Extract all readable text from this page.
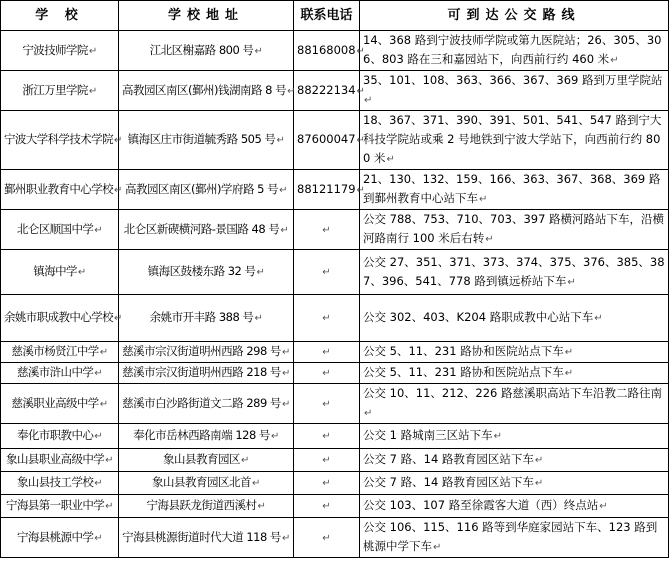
学 校	学校地址	联系电话	可到达公交路线
宁波技师学院↵	江北区榭嘉路 800 号↵	88168008↵	14、368 路到宁波技师学院或第九医院站；26、305、306、803 路在三和嘉园站下，向西前行约 460 米↵
浙江万里学院↵	高教园区南区(鄞州)钱湖南路 8 号↵	88222134↵	35、101、108、363、366、367、369 路到万里学院站↵
宁波大学科学技术学院↵	镇海区庄市街道毓秀路 505 号↵	87600047↵	18、367、371、390、391、501、541、547 路到宁大科技学院站或乘 2 号地铁到宁波大学站下，向西前行约 800 米↵
鄞州职业教育中心学校↵	高教园区南区(鄞州)学府路 5 号↵	88121179↵	21、130、132、159、166、363、367、368、369 路到鄞州教育中心站下车↵
北仑区顺国中学↵	北仑区新碶横河路-景国路 48 号↵	↵	公交 788、753、710、703、397 路横河路站下车，沿横河路南行 100 米后右转↵
镇海中学↵	镇海区鼓楼东路 32 号↵	↵	公交 27、351、371、373、374、375、376、385、387、396、541、778 路到镇远桥站下车↵
余姚市职成教中心学校↵	余姚市开丰路 388 号↵	↵	公交 302、403、K204 路职成教中心站下车↵
慈溪市杨贤江中学↵	慈溪市宗汉街道明州西路 298 号↵	↵	公交 5、11、231 路协和医院站点下车↵
慈溪市浒山中学↵	慈溪市宗汉街道明州西路 218 号↵	↵	公交 5、11、231 路协和医院站点下车↵
慈溪职业高级中学↵	慈溪市白沙路街道文二路 289 号↵	↵	公交 10、11、212、226 路慈溪职高站下车沿教二路往南↵
奉化市职教中心↵	奉化市岳林西路南端 128 号↵	↵	公交 1 路城南三区站下车↵
象山县职业高级中学↵	象山县教育园区↵	↵	公交 7 路、14 路教育园区站下车↵
象山县技工学校↵	象山县教育园区北首↵	↵	公交 7 路、14 路教育园区站下车↵
宁海县第一职业中学↵	宁海县跃龙街道西溪村↵	↵	公交 103、107 路至徐霞客大道（西）终点站↵
宁海县桃源中学↵	宁海县桃源街道时代大道 118 号↵	↵	公交 106、115、116 路等到华庭家园站下车、123 路到桃源中学下车↵
